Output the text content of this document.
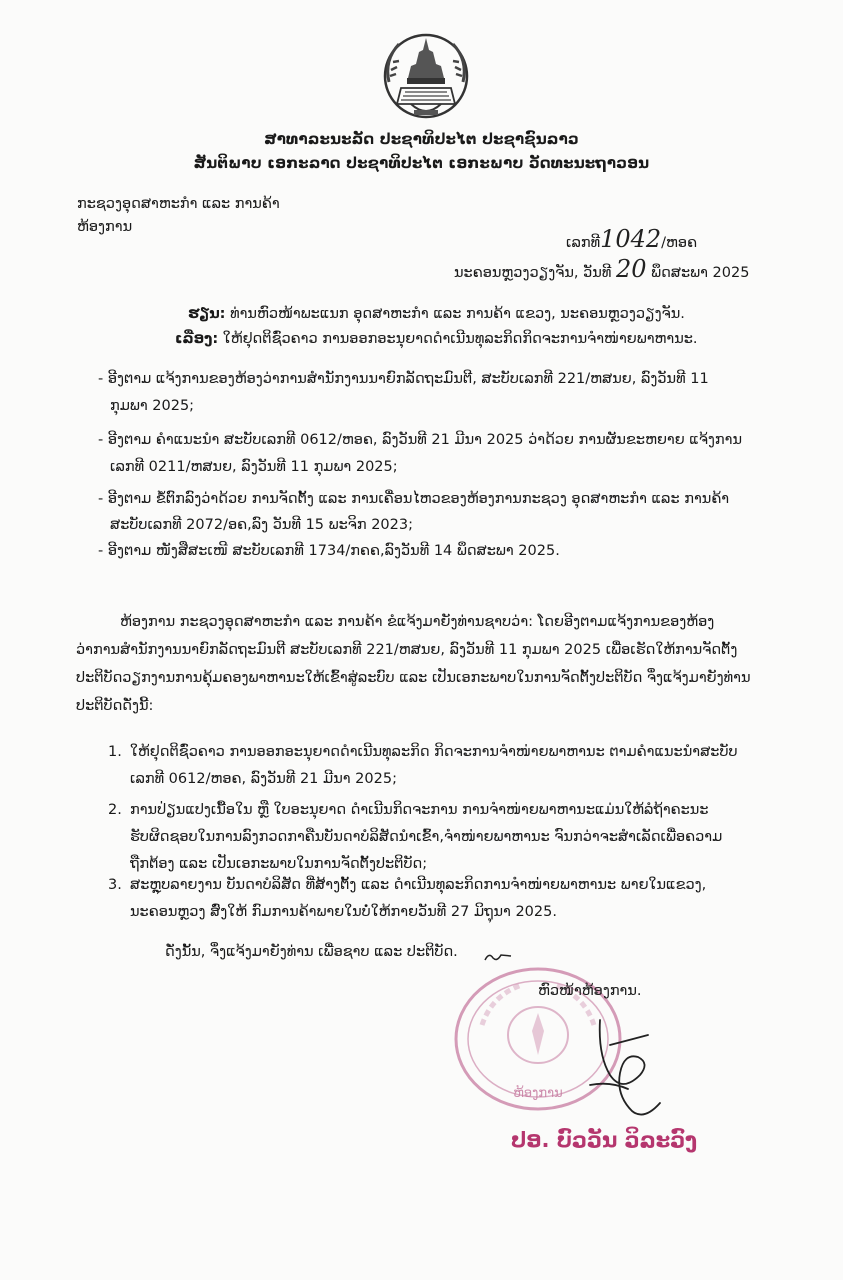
ສາທາລະນະລັດ ປະຊາທິປະໄຕ ປະຊາຊົນລາວ
ສັນຕິພາບ ເອກະລາດ ປະຊາທິປະໄຕ ເອກະພາບ ວັດທະນະຖາວອນ
ກະຊວງອຸດສາຫະກຳ ແລະ ການຄ້າ
ຫ້ອງການ
ເລກທີ1042/ຫອຄ
ນະຄອນຫຼວງວຽງຈັນ, ວັນທີ 20 ພຶດສະພາ 2025
ຮຽນ: ທ່ານຫົວໜ້າພະແນກ ອຸດສາຫະກຳ ແລະ ການຄ້າ ແຂວງ, ນະຄອນຫຼວງວຽງຈັນ.
ເລື່ອງ: ໃຫ້ຢຸດຕິຊົ່ວຄາວ ການອອກອະນຸຍາດດຳເນີນທຸລະກິດກິດຈະການຈຳໜ່າຍພາຫານະ.
- ອີງຕາມ ແຈ້ງການຂອງຫ້ອງວ່າການສຳນັກງານນາຍົກລັດຖະມົນຕີ, ສະບັບເລກທີ 221/ຫສນຍ, ລົງວັນທີ 11
ກຸມພາ 2025;
- ອີງຕາມ ຄຳແນະນຳ ສະບັບເລກທີ 0612/ຫອຄ, ລົງວັນທີ 21 ມີນາ 2025 ວ່າດ້ວຍ ການຜັນຂະຫຍາຍ ແຈ້ງການ
ເລກທີ 0211/ຫສນຍ, ລົງວັນທີ 11 ກຸມພາ 2025;
- ອີງຕາມ ຂໍ້ຕົກລົງວ່າດ້ວຍ ການຈັດຕັ້ງ ແລະ ການເຄື່ອນໄຫວຂອງຫ້ອງການກະຊວງ ອຸດສາຫະກຳ ແລະ ການຄ້າ
ສະບັບເລກທີ 2072/ອຄ,ລົງ ວັນທີ 15 ພະຈິກ 2023;
- ອີງຕາມ ໜັງສືສະເໜີ ສະບັບເລກທີ 1734/ກຄຄ,ລົງວັນທີ 14 ພຶດສະພາ 2025.
ຫ້ອງການ ກະຊວງອຸດສາຫະກຳ ແລະ ການຄ້າ ຂໍແຈ້ງມາຍັງທ່ານຊາບວ່າ: ໂດຍອີງຕາມແຈ້ງການຂອງຫ້ອງ
ວ່າການສຳນັກງານນາຍົກລັດຖະມົນຕີ ສະບັບເລກທີ 221/ຫສນຍ, ລົງວັນທີ 11 ກຸມພາ 2025 ເພື່ອເຮັດໃຫ້ການຈັດຕັ້ງ
ປະຕິບັດວຽກງານການຄຸ້ມຄອງພາຫານະໃຫ້ເຂົ້າສູ່ລະບົບ ແລະ ເປັນເອກະພາບໃນການຈັດຕັ້ງປະຕິບັດ ຈຶ່ງແຈ້ງມາຍັງທ່ານ
ປະຕິບັດດັ່ງນີ້:
1. ໃຫ້ຢຸດຕິຊົ່ວຄາວ ການອອກອະນຸຍາດດຳເນີນທຸລະກິດ ກິດຈະການຈຳໜ່າຍພາຫານະ ຕາມຄຳແນະນຳສະບັບ
ເລກທີ 0612/ຫອຄ, ລົງວັນທີ 21 ມີນາ 2025;
2. ການປ່ຽນແປງເນື້ອໃນ ຫຼື ໃບອະນຸຍາດ ດຳເນີນກິດຈະການ ການຈຳໜ່າຍພາຫານະແມ່ນໃຫ້ລໍຖ້າຄະນະ
ຮັບຜິດຊອບໃນການລົງກວດກາຄືນບັນດາບໍລິສັດນຳເຂົ້າ,ຈຳໜ່າຍພາຫານະ ຈົນກວ່າຈະສຳເລັດເພື່ອຄວາມ
ຖືກຕ້ອງ ແລະ ເປັນເອກະພາບໃນການຈັດຕັ້ງປະຕິບັດ;
3. ສະຫຼຸບລາຍງານ ບັນດາບໍລິສັດ ທີ່ສ້າງຕັ້ງ ແລະ ດຳເນີນທຸລະກິດການຈຳໜ່າຍພາຫານະ ພາຍໃນແຂວງ,
ນະຄອນຫຼວງ ສົ່ງໃຫ້ ກົມການຄ້າພາຍໃນບໍ່ໃຫ້ກາຍວັນທີ 27 ມິຖຸນາ 2025.
ດັ່ງນັ້ນ, ຈຶ່ງແຈ້ງມາຍັງທ່ານ ເພື່ອຊາບ ແລະ ປະຕິບັດ.
ຫ້ອງການ
ຫົວໜ້າຫ້ອງການ.
ປອ. ບົວວັນ ວິລະວົງ
